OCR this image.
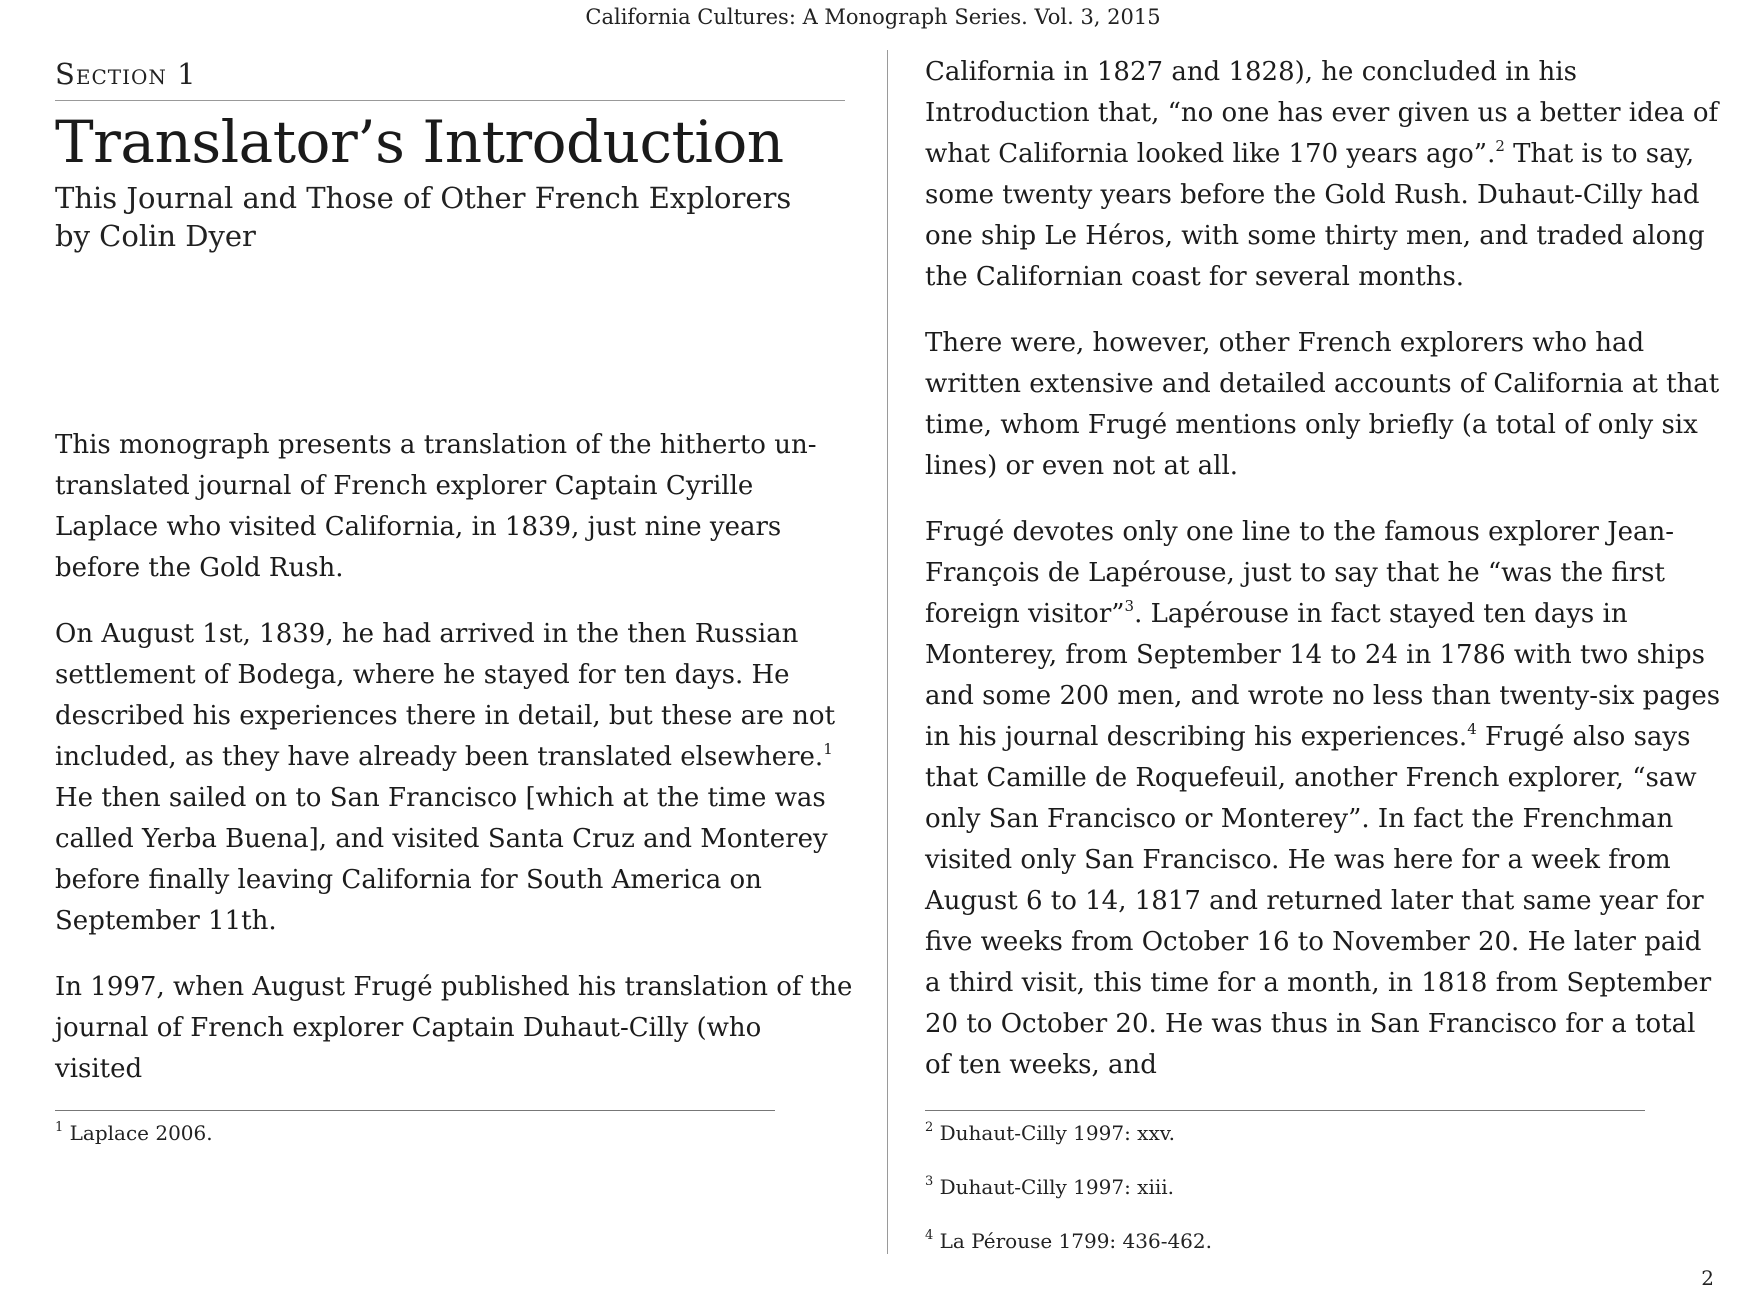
California Cultures: A Monograph Series. Vol. 3, 2015
Section 1
Translator’s Introduction
This Journal and Those of Other French Explorers
by Colin Dyer

This monograph presents a translation of the hitherto un-translated journal of French explorer Captain Cyrille Laplace who visited California, in 1839, just nine years before the Gold Rush.

On August 1st, 1839, he had arrived in the then Russian settlement of Bodega, where he stayed for ten days. He described his experiences there in detail, but these are not included, as they have already been translated elsewhere.$^1$ He then sailed on to San Francisco [which at the time was called Yerba Buena], and visited Santa Cruz and Monterey before finally leaving California for South America on September 11th.

In 1997, when August Frugé published his translation of the journal of French explorer Captain Duhaut-Cilly (who visited

California in 1827 and 1828), he concluded in his Introduction that, “no one has ever given us a better idea of what California looked like 170 years ago”.$^2$ That is to say, some twenty years before the Gold Rush. Duhaut-Cilly had one ship Le Héros, with some thirty men, and traded along the Californian coast for several months.

There were, however, other French explorers who had written extensive and detailed accounts of California at that time, whom Frugé mentions only briefly (a total of only six lines) or even not at all.

Frugé devotes only one line to the famous explorer Jean-François de Lapérouse, just to say that he “was the first foreign visitor”$^3$. Lapérouse in fact stayed ten days in Monterey, from September 14 to 24 in 1786 with two ships and some 200 men, and wrote no less than twenty-six pages in his journal describing his experiences.$^4$ Frugé also says that Camille de Roquefeuil, another French explorer, “saw only San Francisco or Monterey”. In fact the Frenchman visited only San Francisco. He was here for a week from August 6 to 14, 1817 and returned later that same year for five weeks from October 16 to November 20. He later paid a third visit, this time for a month, in 1818 from September 20 to October 20. He was thus in San Francisco for a total of ten weeks, and

$^1$ Laplace 2006.	$^2$ Duhaut-Cilly 1997: xxv.
$^3$ Duhaut-Cilly 1997: xiii.
$^4$ La Pérouse 1799: 436-462.
2
